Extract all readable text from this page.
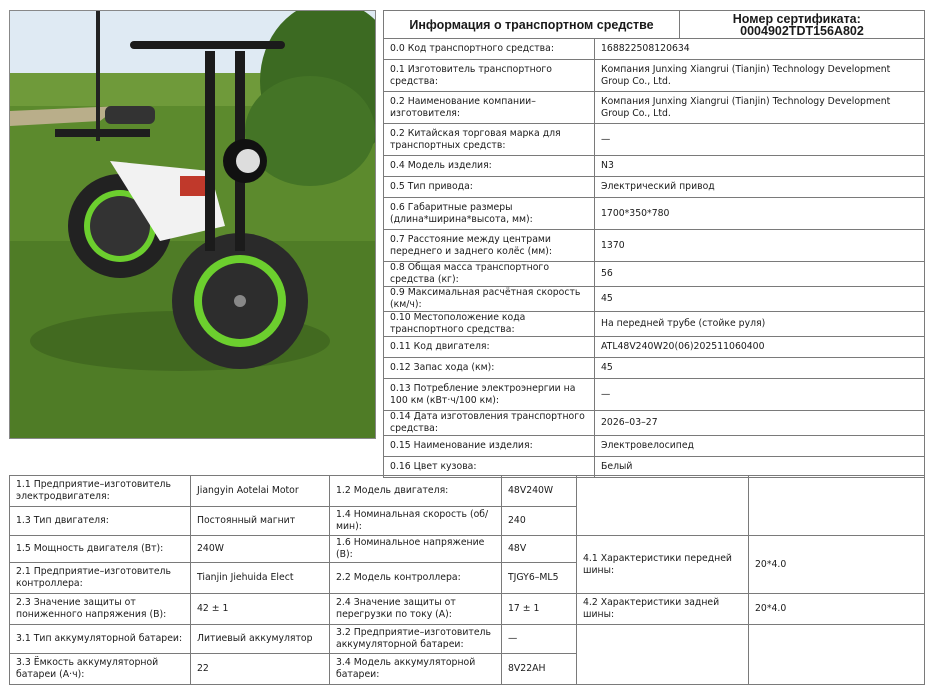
Информация о транспортном средстве		Номер сертификата:    0004902TDT156A802
0.0 Код транспортного средства:	168822508120634	
0.1 Изготовитель транспортного средства:	Компания Junxing Xiangrui (Tianjin) Technology Development Group Co., Ltd.	
0.2 Наименование компании–изготовителя:	Компания Junxing Xiangrui (Tianjin) Technology Development Group Co., Ltd.	
0.2 Китайская торговая марка для транспортных средств:	—	
0.4 Модель изделия:	N3	
0.5 Тип привода:	Электрический привод	
0.6 Габаритные размеры (длина*ширина*высота, мм):	1700*350*780	
0.7 Расстояние между центрами переднего и заднего колёс (мм):	1370	
0.8 Общая масса транспортного средства (кг):	56	
0.9 Максимальная расчётная скорость (км/ч):	45	
0.10 Местоположение кода транспортного средства:	На передней трубе (стойке руля)	
0.11 Код двигателя:	ATL48V240W20(06)202511060400	
0.12 Запас хода (км):	45	
0.13 Потребление электроэнергии на 100 км (кВт·ч/100 км):	—	
0.14 Дата изготовления транспортного средства:	2026–03–27	
0.15 Наименование изделия:	Электровелосипед	
0.16 Цвет кузова:	Белый	
1.1 Предприятие–изготовитель электродвигателя:	Jiangyin Aotelai Motor	1.2 Модель двигателя:	48V240W		
1.3 Тип двигателя:	Постоянный магнит	1.4 Номинальная скорость (об/мин):	240		
1.5 Мощность двигателя (Вт):	240W	1.6 Номинальное напряжение (В):	48V	4.1 Характеристики передней шины:	20*4.0
2.1 Предприятие–изготовитель контроллера:	Tianjin Jiehuida Elect	2.2 Модель контроллера:	TJGY6–ML5		
2.3 Значение защиты от пониженного напряжения (В):	42 ± 1	2.4 Значение защиты от перегрузки по току (А):	17 ± 1	4.2 Характеристики задней шины:	20*4.0
3.1 Тип аккумуляторной батареи:	Литиевый аккумулятор	3.2 Предприятие–изготовитель аккумуляторной батареи:	—		
3.3 Ёмкость аккумуляторной батареи (А·ч):	22	3.4 Модель аккумуляторной батареи:	8V22AH		
